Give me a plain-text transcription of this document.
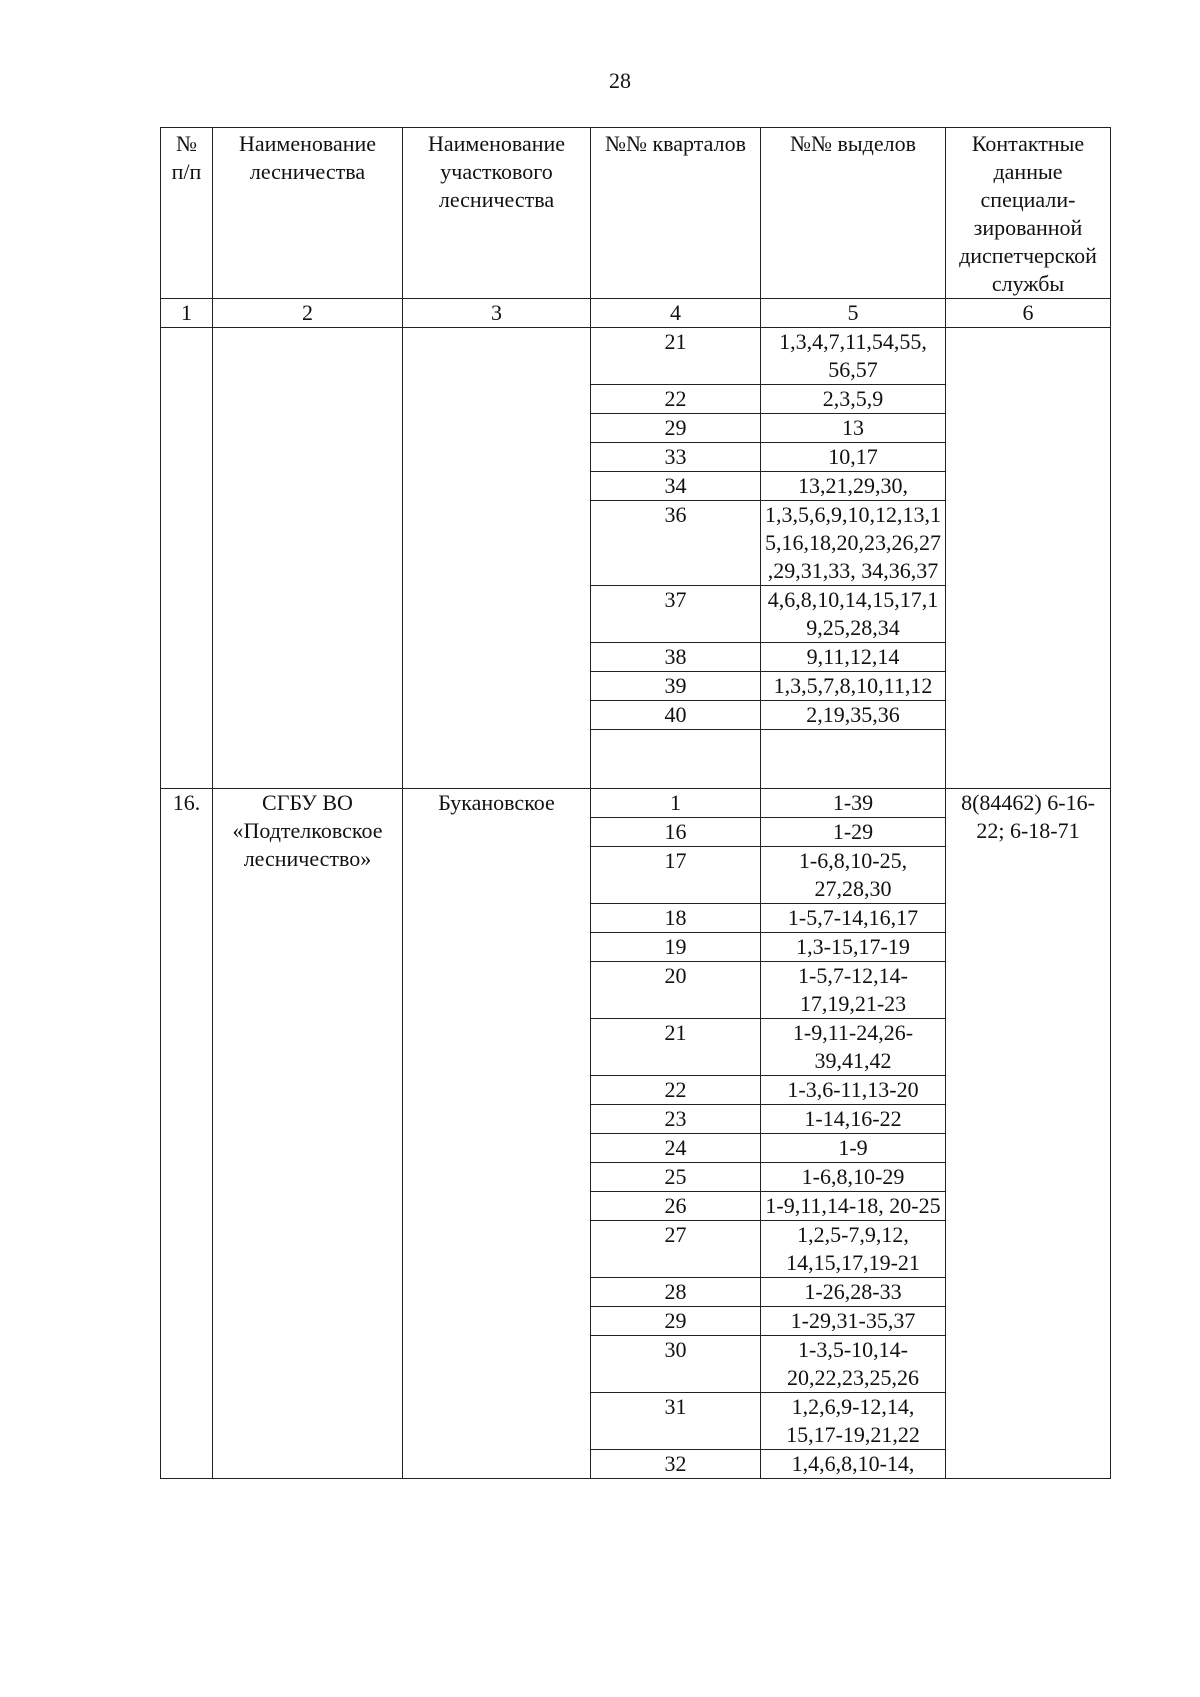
28
№ п/п	Наименование лесничества	Наименование участкового лесничества	№№ кварталов	№№ выделов	Контактные данные специали-зированной диспетчерской службы
1	2	3	4	5	6
			21	1,3,4,7,11,54,55, 56,57	
			22	2,3,5,9	
			29	13	
			33	10,17	
			34	13,21,29,30,	
			36	1,3,5,6,9,10,12,13,15,16,18,20,23,26,27,29,31,33, 34,36,37	
			37	4,6,8,10,14,15,17,19,25,28,34	
			38	9,11,12,14	
			39	1,3,5,7,8,10,11,12	
			40	2,19,35,36	

16.	СГБУ ВО «Подтелковское лесничество»	Букановское	1	1-39	8(84462) 6-16-22; 6-18-71
			16	1-29	
			17	1-6,8,10-25, 27,28,30	
			18	1-5,7-14,16,17	
			19	1,3-15,17-19	
			20	1-5,7-12,14-17,19,21-23	
			21	1-9,11-24,26-39,41,42	
			22	1-3,6-11,13-20	
			23	1-14,16-22	
			24	1-9	
			25	1-6,8,10-29	
			26	1-9,11,14-18, 20-25	
			27	1,2,5-7,9,12, 14,15,17,19-21	
			28	1-26,28-33	
			29	1-29,31-35,37	
			30	1-3,5-10,14-20,22,23,25,26	
			31	1,2,6,9-12,14, 15,17-19,21,22	
			32	1,4,6,8,10-14,	
